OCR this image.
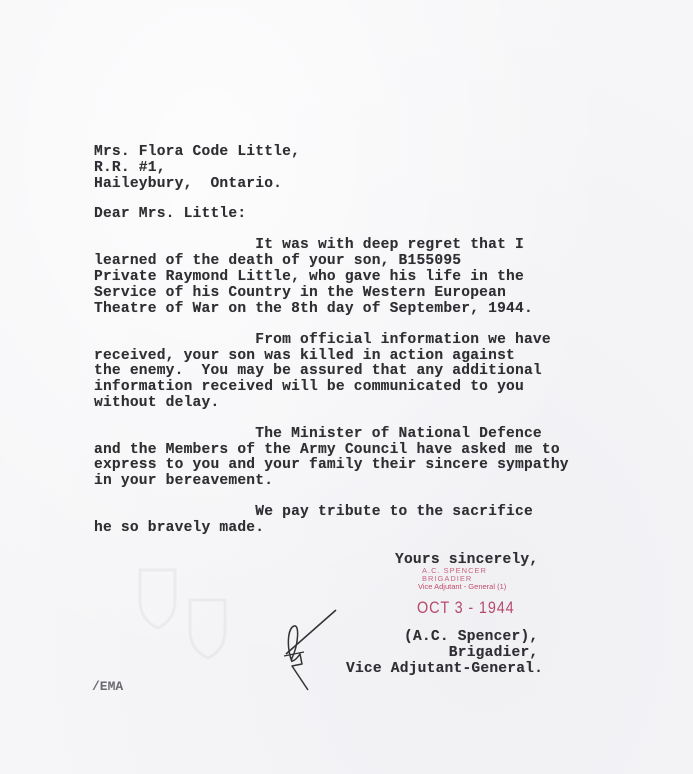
Mrs. Flora Code Little,
R.R. #1,
Haileybury,  Ontario.
Dear Mrs. Little:
It was with deep regret that I
learned of the death of your son, B155095
Private Raymond Little, who gave his life in the
Service of his Country in the Western European
Theatre of War on the 8th day of September, 1944.
From official information we have
received, your son was killed in action against
the enemy.  You may be assured that any additional
information received will be communicated to you
without delay.
The Minister of National Defence
and the Members of the Army Council have asked me to
express to you and your family their sincere sympathy
in your bereavement.
We pay tribute to the sacrifice
he so bravely made.
A.C. SPENCER
BRIGADIER
Vice Adjutant - General (1)
Yours sincerely,
OCT 3 - 1944
(A.C. Spencer),
Brigadier,
Vice Adjutant-General.
/EMA
